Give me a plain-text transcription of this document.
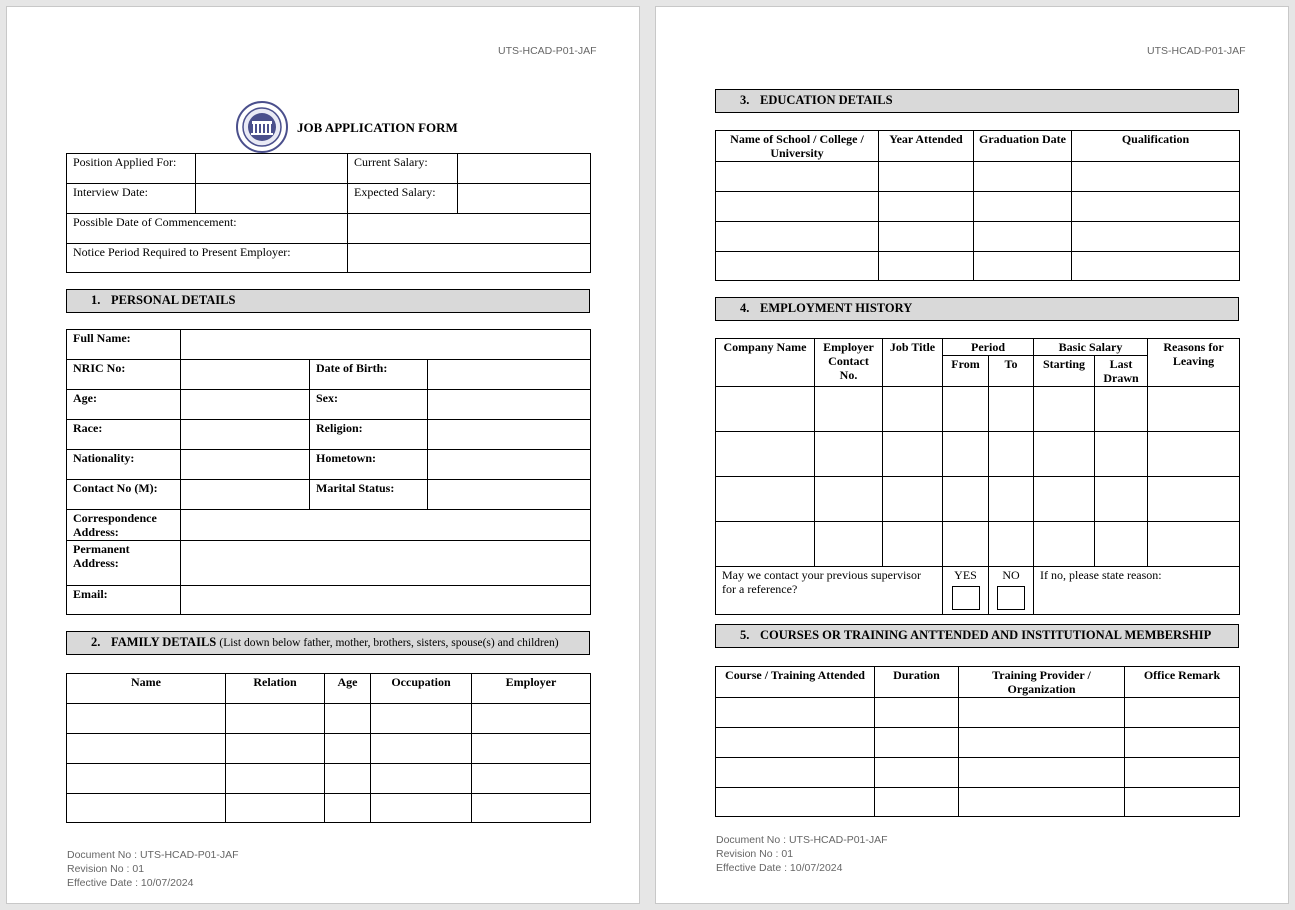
UTS-HCAD-P01-JAF
JOB APPLICATION FORM
Position Applied For:		Current Salary:	
Interview Date:		Expected Salary:	
Possible Date of Commencement:			
Notice Period Required to Present Employer:			
1. PERSONAL DETAILS
Full Name:			
NRIC No:		Date of Birth:	
Age:		Sex:	
Race:		Religion:	
Nationality:		Hometown:	
Contact No (M):		Marital Status:	
Correspondence Address:			
Permanent Address:			
Email:			
2. FAMILY DETAILS (List down below father, mother, brothers, sisters, spouse(s) and children)
Name	Relation	Age	Occupation	Employer

Document No : UTS-HCAD-P01-JAF
Revision No : 01
Effective Date : 10/07/2024
UTS-HCAD-P01-JAF
3. EDUCATION DETAILS
Name of School / College / University	Year Attended	Graduation Date	Qualification

4. EMPLOYMENT HISTORY
Company Name	Employer Contact No.	Job Title	Period		Basic Salary		Reasons for Leaving
			From	To	Starting	Last Drawn	

May we contact your previous supervisor for a reference?			YES	NO	If no, please state reason:		
5. COURSES OR TRAINING ANTTENDED AND INSTITUTIONAL MEMBERSHIP
Course / Training Attended	Duration	Training Provider / Organization	Office Remark

Document No : UTS-HCAD-P01-JAF
Revision No : 01
Effective Date : 10/07/2024
